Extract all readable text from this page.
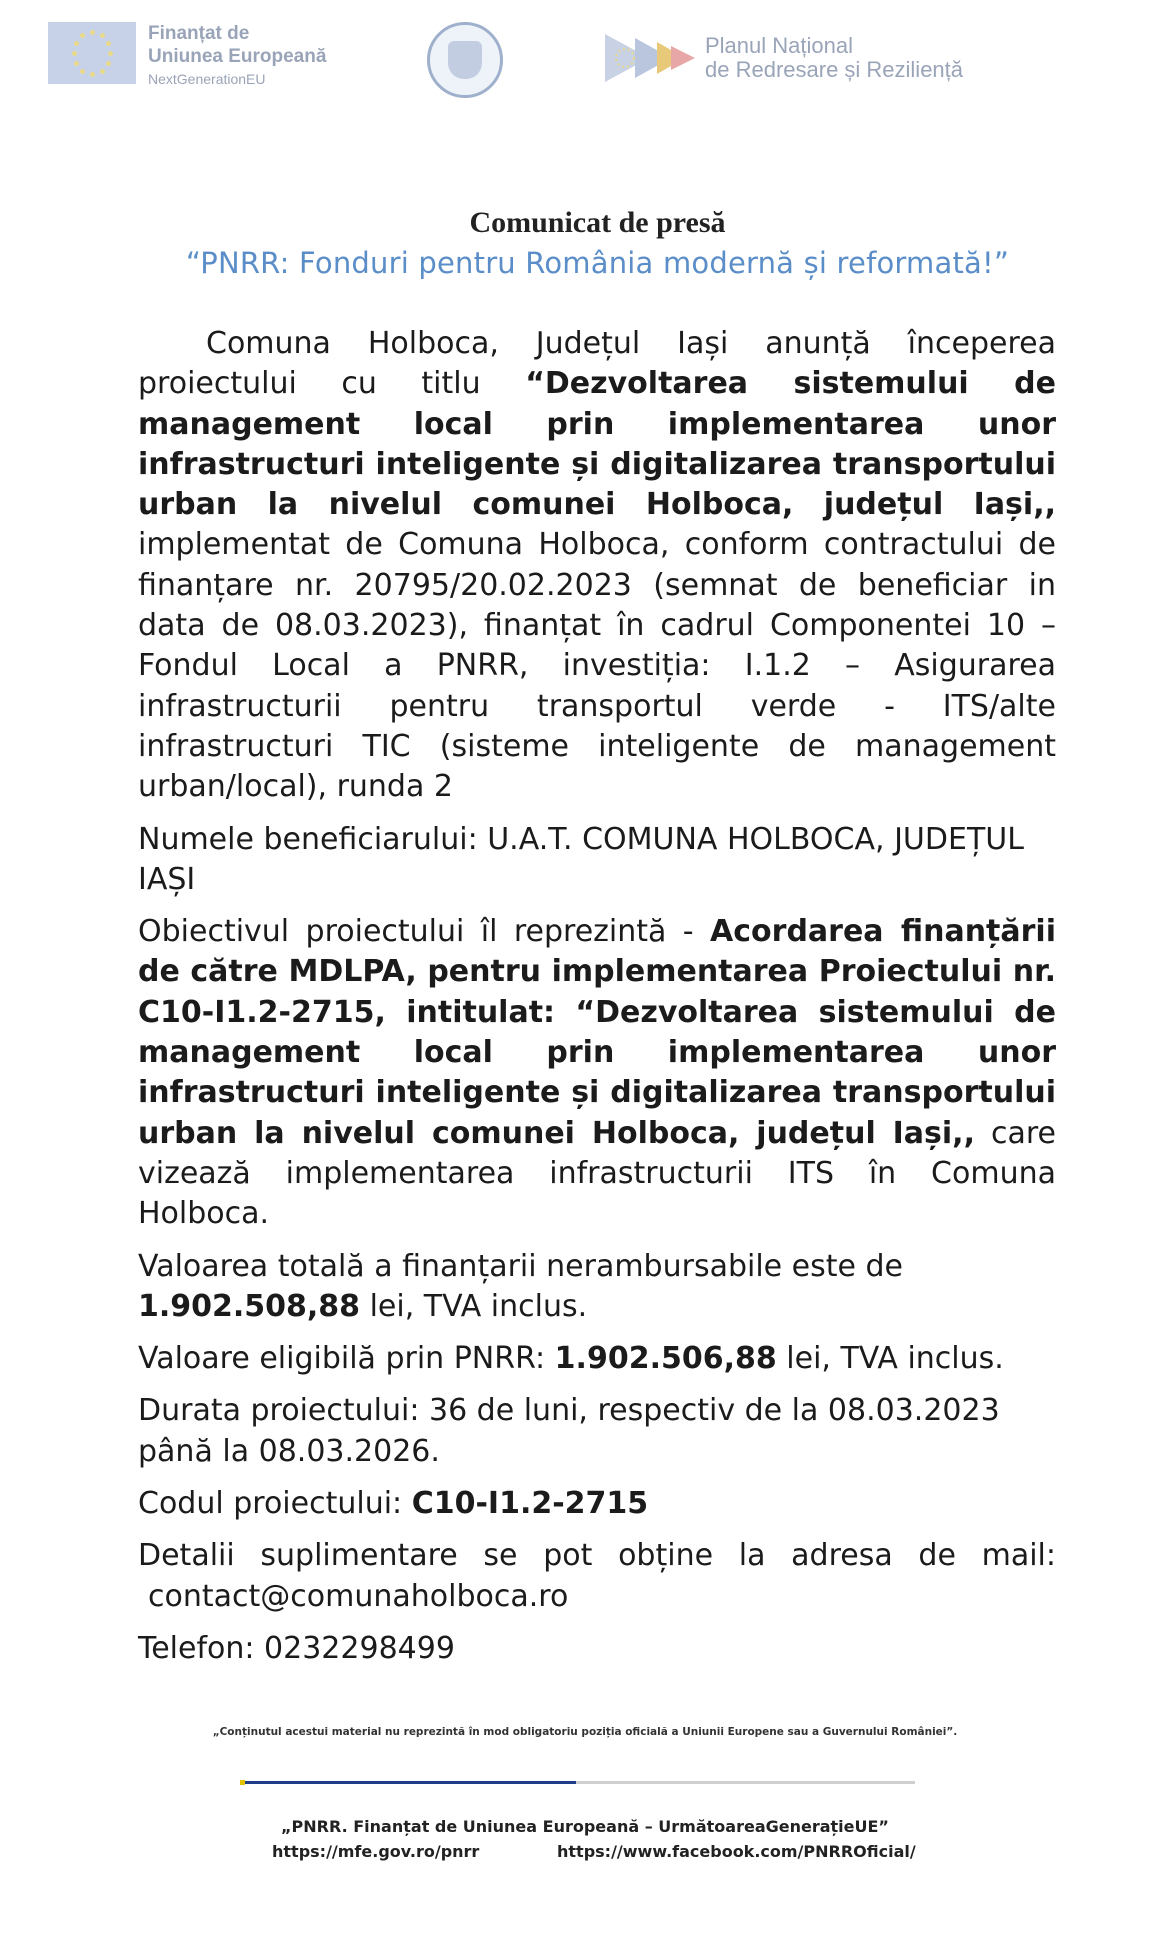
Finanțat de
Uniunea Europeană
NextGenerationEU
Planul Național
de Redresare și Reziliență
Comunicat de presă
“PNRR: Fonduri pentru România modernă și reformată!”

Comuna Holboca, Județul Iași anunță începerea proiectului cu titlu “Dezvoltarea sistemului de management local prin implementarea unor infrastructuri inteligente și digitalizarea transportului urban la nivelul comunei Holboca, județul Iași,, implementat de Comuna Holboca, conform contractului de finanțare nr. 20795/20.02.2023 (semnat de beneficiar in data de 08.03.2023), finanțat în cadrul Componentei 10 – Fondul Local a PNRR, investiția: I.1.2 – Asigurarea infrastructurii pentru transportul verde - ITS/alte infrastructuri TIC (sisteme inteligente de management urban/local), runda 2

Numele beneficiarului: U.A.T. COMUNA HOLBOCA, JUDEȚUL IAȘI

Obiectivul proiectului îl reprezintă - Acordarea finanțării de către MDLPA, pentru implementarea Proiectului nr. C10-I1.2-2715, intitulat: “Dezvoltarea sistemului de management local prin implementarea unor infrastructuri inteligente și digitalizarea transportului urban la nivelul comunei Holboca, județul Iași,, care vizează implementarea infrastructurii ITS în Comuna Holboca.

Valoarea totală a finanțarii nerambursabile este de 1.902.508,88 lei, TVA inclus.

Valoare eligibilă prin PNRR: 1.902.506,88 lei, TVA inclus.

Durata proiectului: 36 de luni, respectiv de la 08.03.2023 până la 08.03.2026.

Codul proiectului: C10-I1.2-2715

Detalii suplimentare se pot obține la adresa de mail:
contact@comunaholboca.ro

Telefon: 0232298499

„Conținutul acestui material nu reprezintă în mod obligatoriu poziția oficială a Uniunii Europene sau a Guvernului României”.
„PNRR. Finanțat de Uniunea Europeană – UrmătoareaGenerațieUE”
https://mfe.gov.ro/pnrr	https://www.facebook.com/PNRROficial/
